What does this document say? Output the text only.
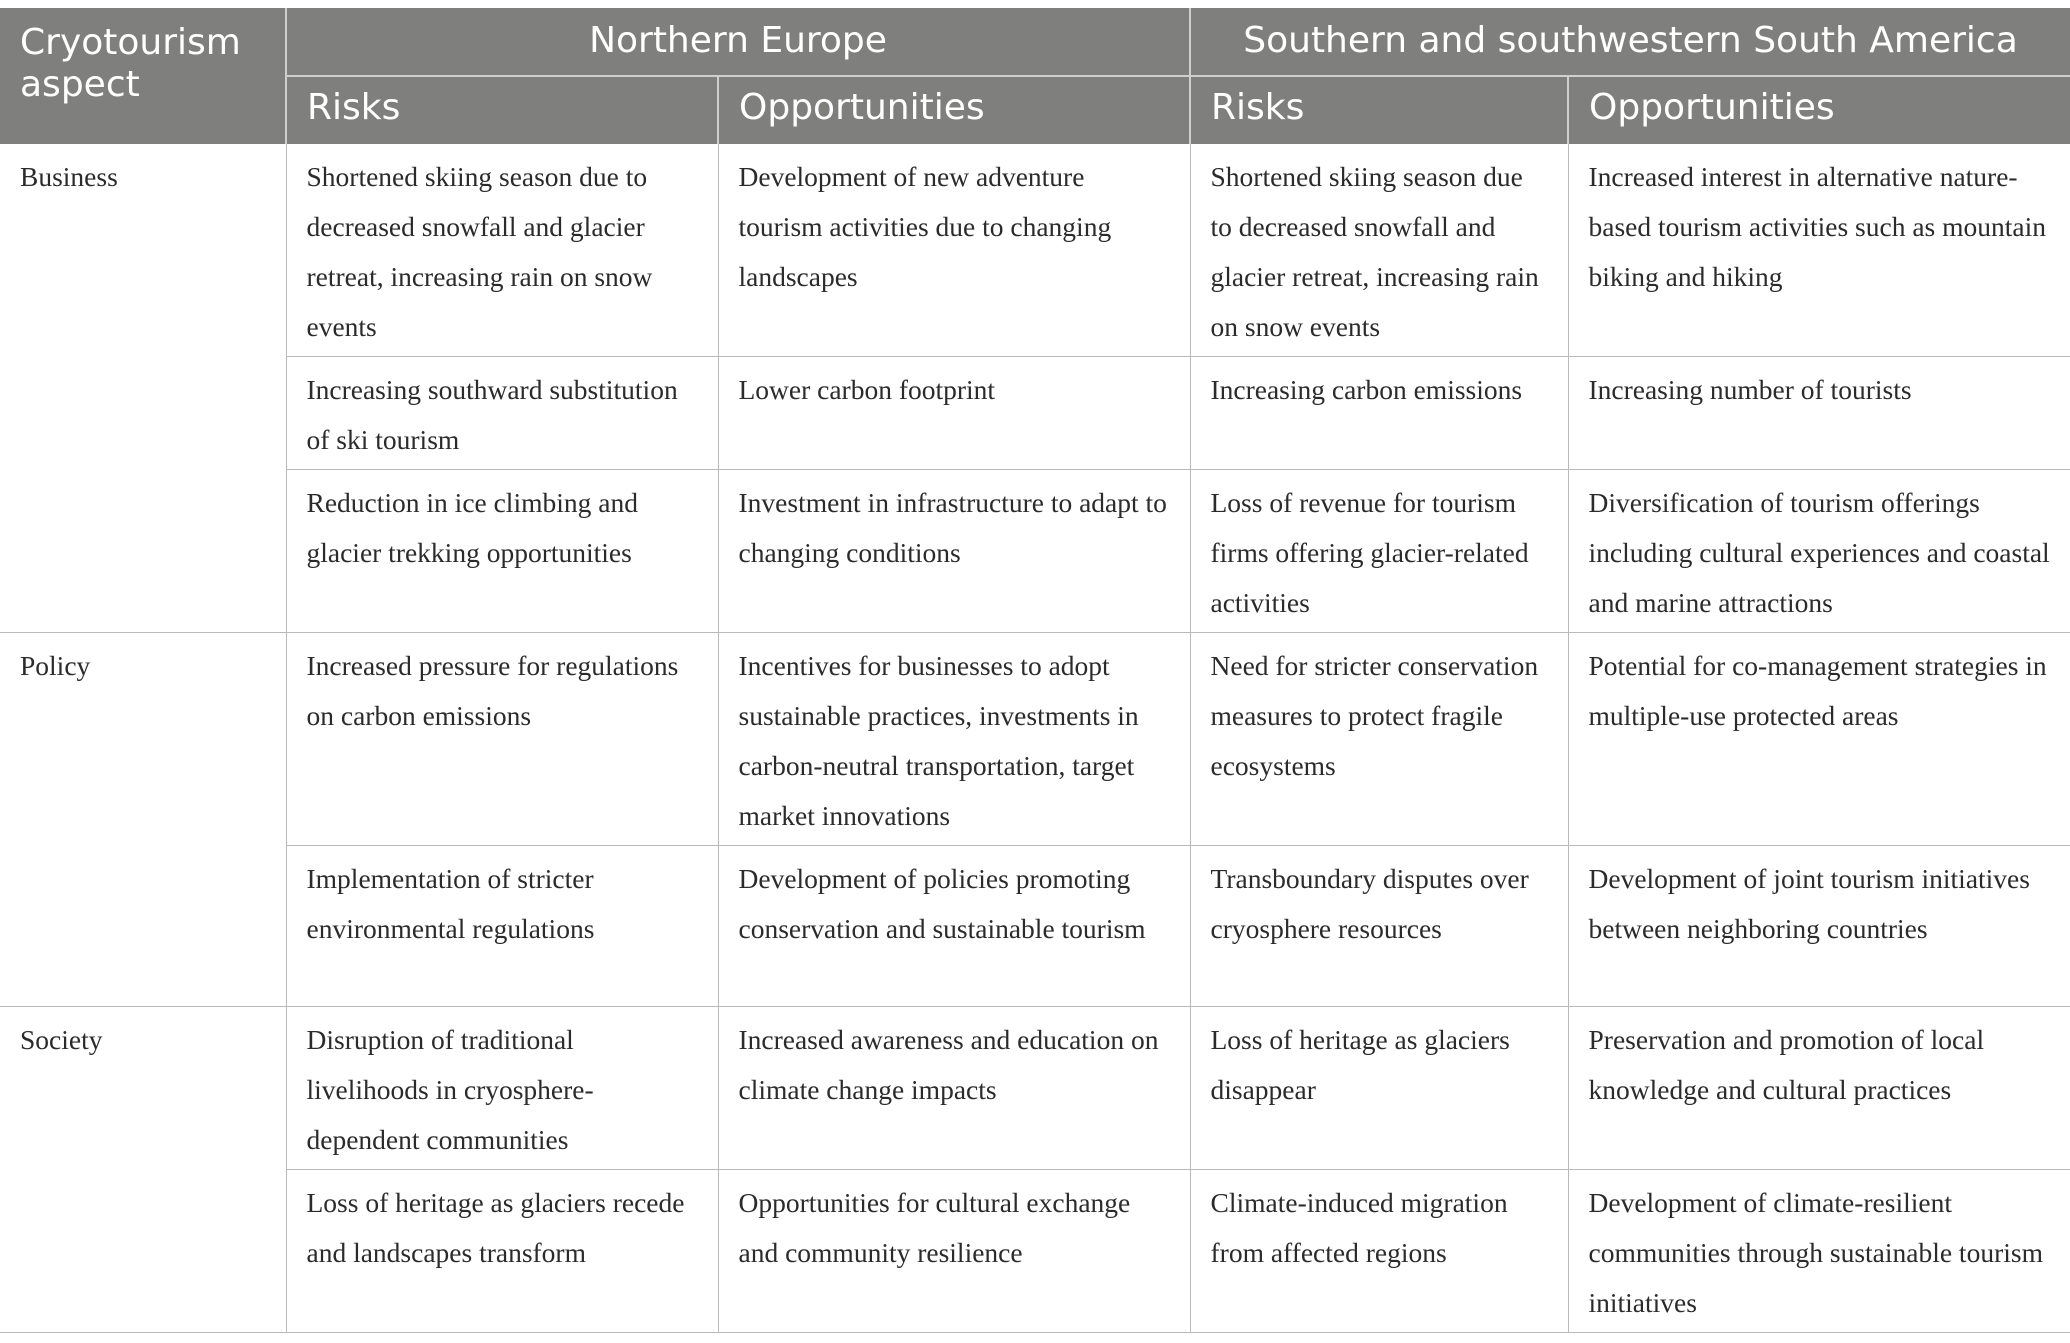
Cryotourism aspect	Northern Europe		Southern and southwestern South America	
	Risks	Opportunities	Risks	Opportunities
Business	Shortened skiing season due to decreased snowfall and glacier retreat, increasing rain on snow events	Development of new adventure tourism activities due to changing landscapes	Shortened skiing season due to decreased snowfall and glacier retreat, increasing rain on snow events	Increased interest in alternative nature-based tourism activities such as mountain biking and hiking
	Increasing southward substitution of ski tourism	Lower carbon footprint	Increasing carbon emissions	Increasing number of tourists
	Reduction in ice climbing and glacier trekking opportunities	Investment in infrastructure to adapt to changing conditions	Loss of revenue for tourism firms offering glacier-related activities	Diversification of tourism offerings including cultural experiences and coastal and marine attractions
Policy	Increased pressure for regulations on carbon emissions	Incentives for businesses to adopt sustainable practices, investments in carbon-neutral transportation, target market innovations	Need for stricter conservation measures to protect fragile ecosystems	Potential for co-management strategies in multiple-use protected areas
	Implementation of stricter environmental regulations	Development of policies promoting conservation and sustainable tourism	Transboundary disputes over cryosphere resources	Development of joint tourism initiatives between neighboring countries
Society	Disruption of traditional livelihoods in cryosphere-dependent communities	Increased awareness and education on climate change impacts	Loss of heritage as glaciers disappear	Preservation and promotion of local knowledge and cultural practices
	Loss of heritage as glaciers recede and landscapes transform	Opportunities for cultural exchange and community resilience	Climate-induced migration from affected regions	Development of climate-resilient communities through sustainable tourism initiatives
